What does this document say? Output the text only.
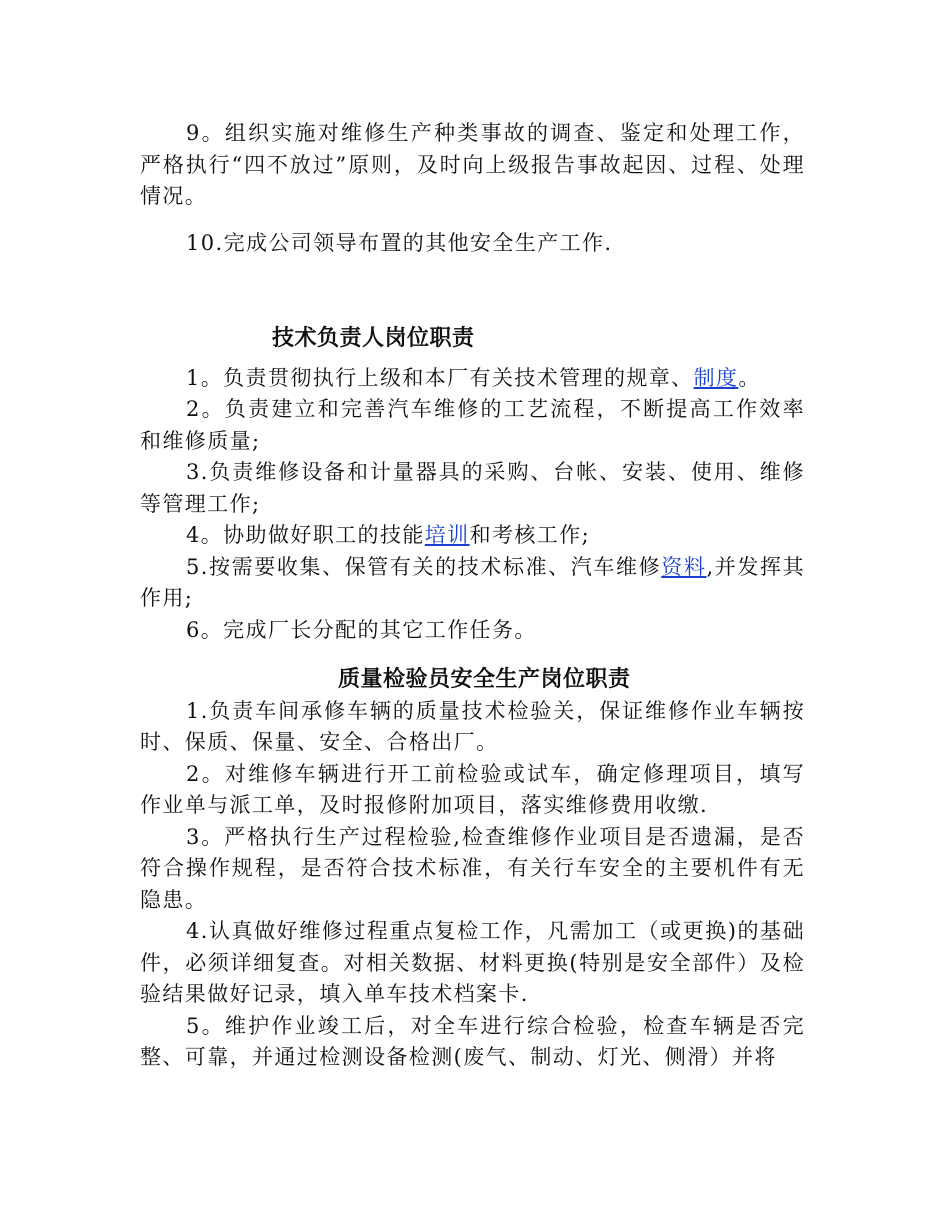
9。组织实施对维修生产种类事故的调查、鉴定和处理工作，严格执行“四不放过”原则，及时向上级报告事故起因、过程、处理情况。

10.完成公司领导布置的其他安全生产工作.

技术负责人岗位职责

1。负责贯彻执行上级和本厂有关技术管理的规章、制度。

2。负责建立和完善汽车维修的工艺流程，不断提高工作效率和维修质量;

3.负责维修设备和计量器具的采购、台帐、安装、使用、维修等管理工作;

4。协助做好职工的技能培训和考核工作;

5.按需要收集、保管有关的技术标准、汽车维修资料,并发挥其作用;

6。完成厂长分配的其它工作任务。

质量检验员安全生产岗位职责

1.负责车间承修车辆的质量技术检验关，保证维修作业车辆按时、保质、保量、安全、合格出厂。

2。对维修车辆进行开工前检验或试车，确定修理项目，填写作业单与派工单，及时报修附加项目，落实维修费用收缴.

3。严格执行生产过程检验,检查维修作业项目是否遗漏，是否符合操作规程，是否符合技术标准，有关行车安全的主要机件有无隐患。

4.认真做好维修过程重点复检工作，凡需加工（或更换)的基础件，必须详细复查。对相关数据、材料更换(特别是安全部件）及检验结果做好记录，填入单车技术档案卡.

5。维护作业竣工后，对全车进行综合检验，检查车辆是否完整、可靠，并通过检测设备检测(废气、制动、灯光、侧滑）并将
